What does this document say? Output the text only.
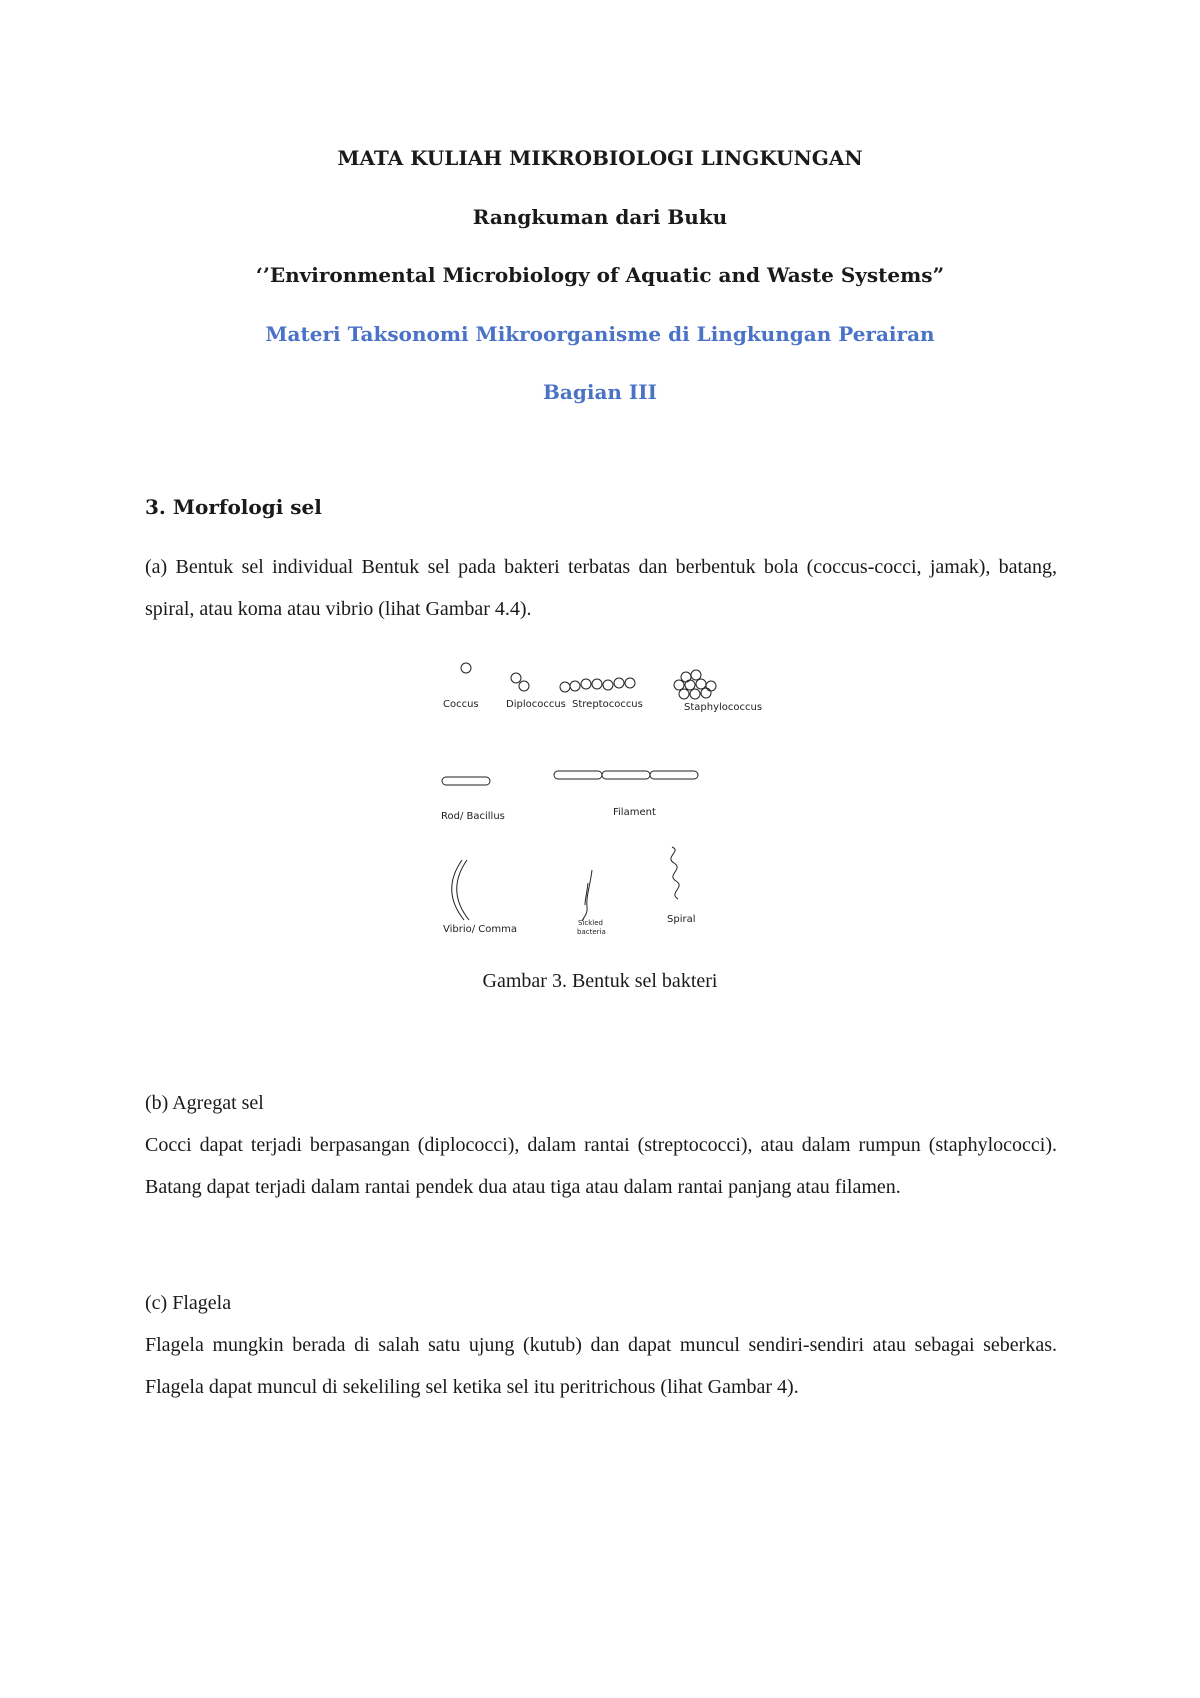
MATA KULIAH MIKROBIOLOGI LINGKUNGAN
Rangkuman dari Buku
‘’Environmental Microbiology of Aquatic and Waste Systems”
Materi Taksonomi Mikroorganisme di Lingkungan Perairan
Bagian III
3. Morfologi sel
(a) Bentuk sel individual Bentuk sel pada bakteri terbatas dan berbentuk bola (coccus-cocci, jamak), batang, spiral, atau koma atau vibrio (lihat Gambar 4.4).
Coccus	Diplococcus Streptococcus	Staphylococcus
Rod/ Bacillus	Filament
Vibrio/ Comma
Sickled
bacteria
Spiral
Gambar 3. Bentuk sel bakteri
(b) Agregat sel
Cocci dapat terjadi berpasangan (diplococci), dalam rantai (streptococci), atau dalam rumpun (staphylococci). Batang dapat terjadi dalam rantai pendek dua atau tiga atau dalam rantai panjang atau filamen.
(c) Flagela
Flagela mungkin berada di salah satu ujung (kutub) dan dapat muncul sendiri-sendiri atau sebagai seberkas. Flagela dapat muncul di sekeliling sel ketika sel itu peritrichous (lihat Gambar 4).
